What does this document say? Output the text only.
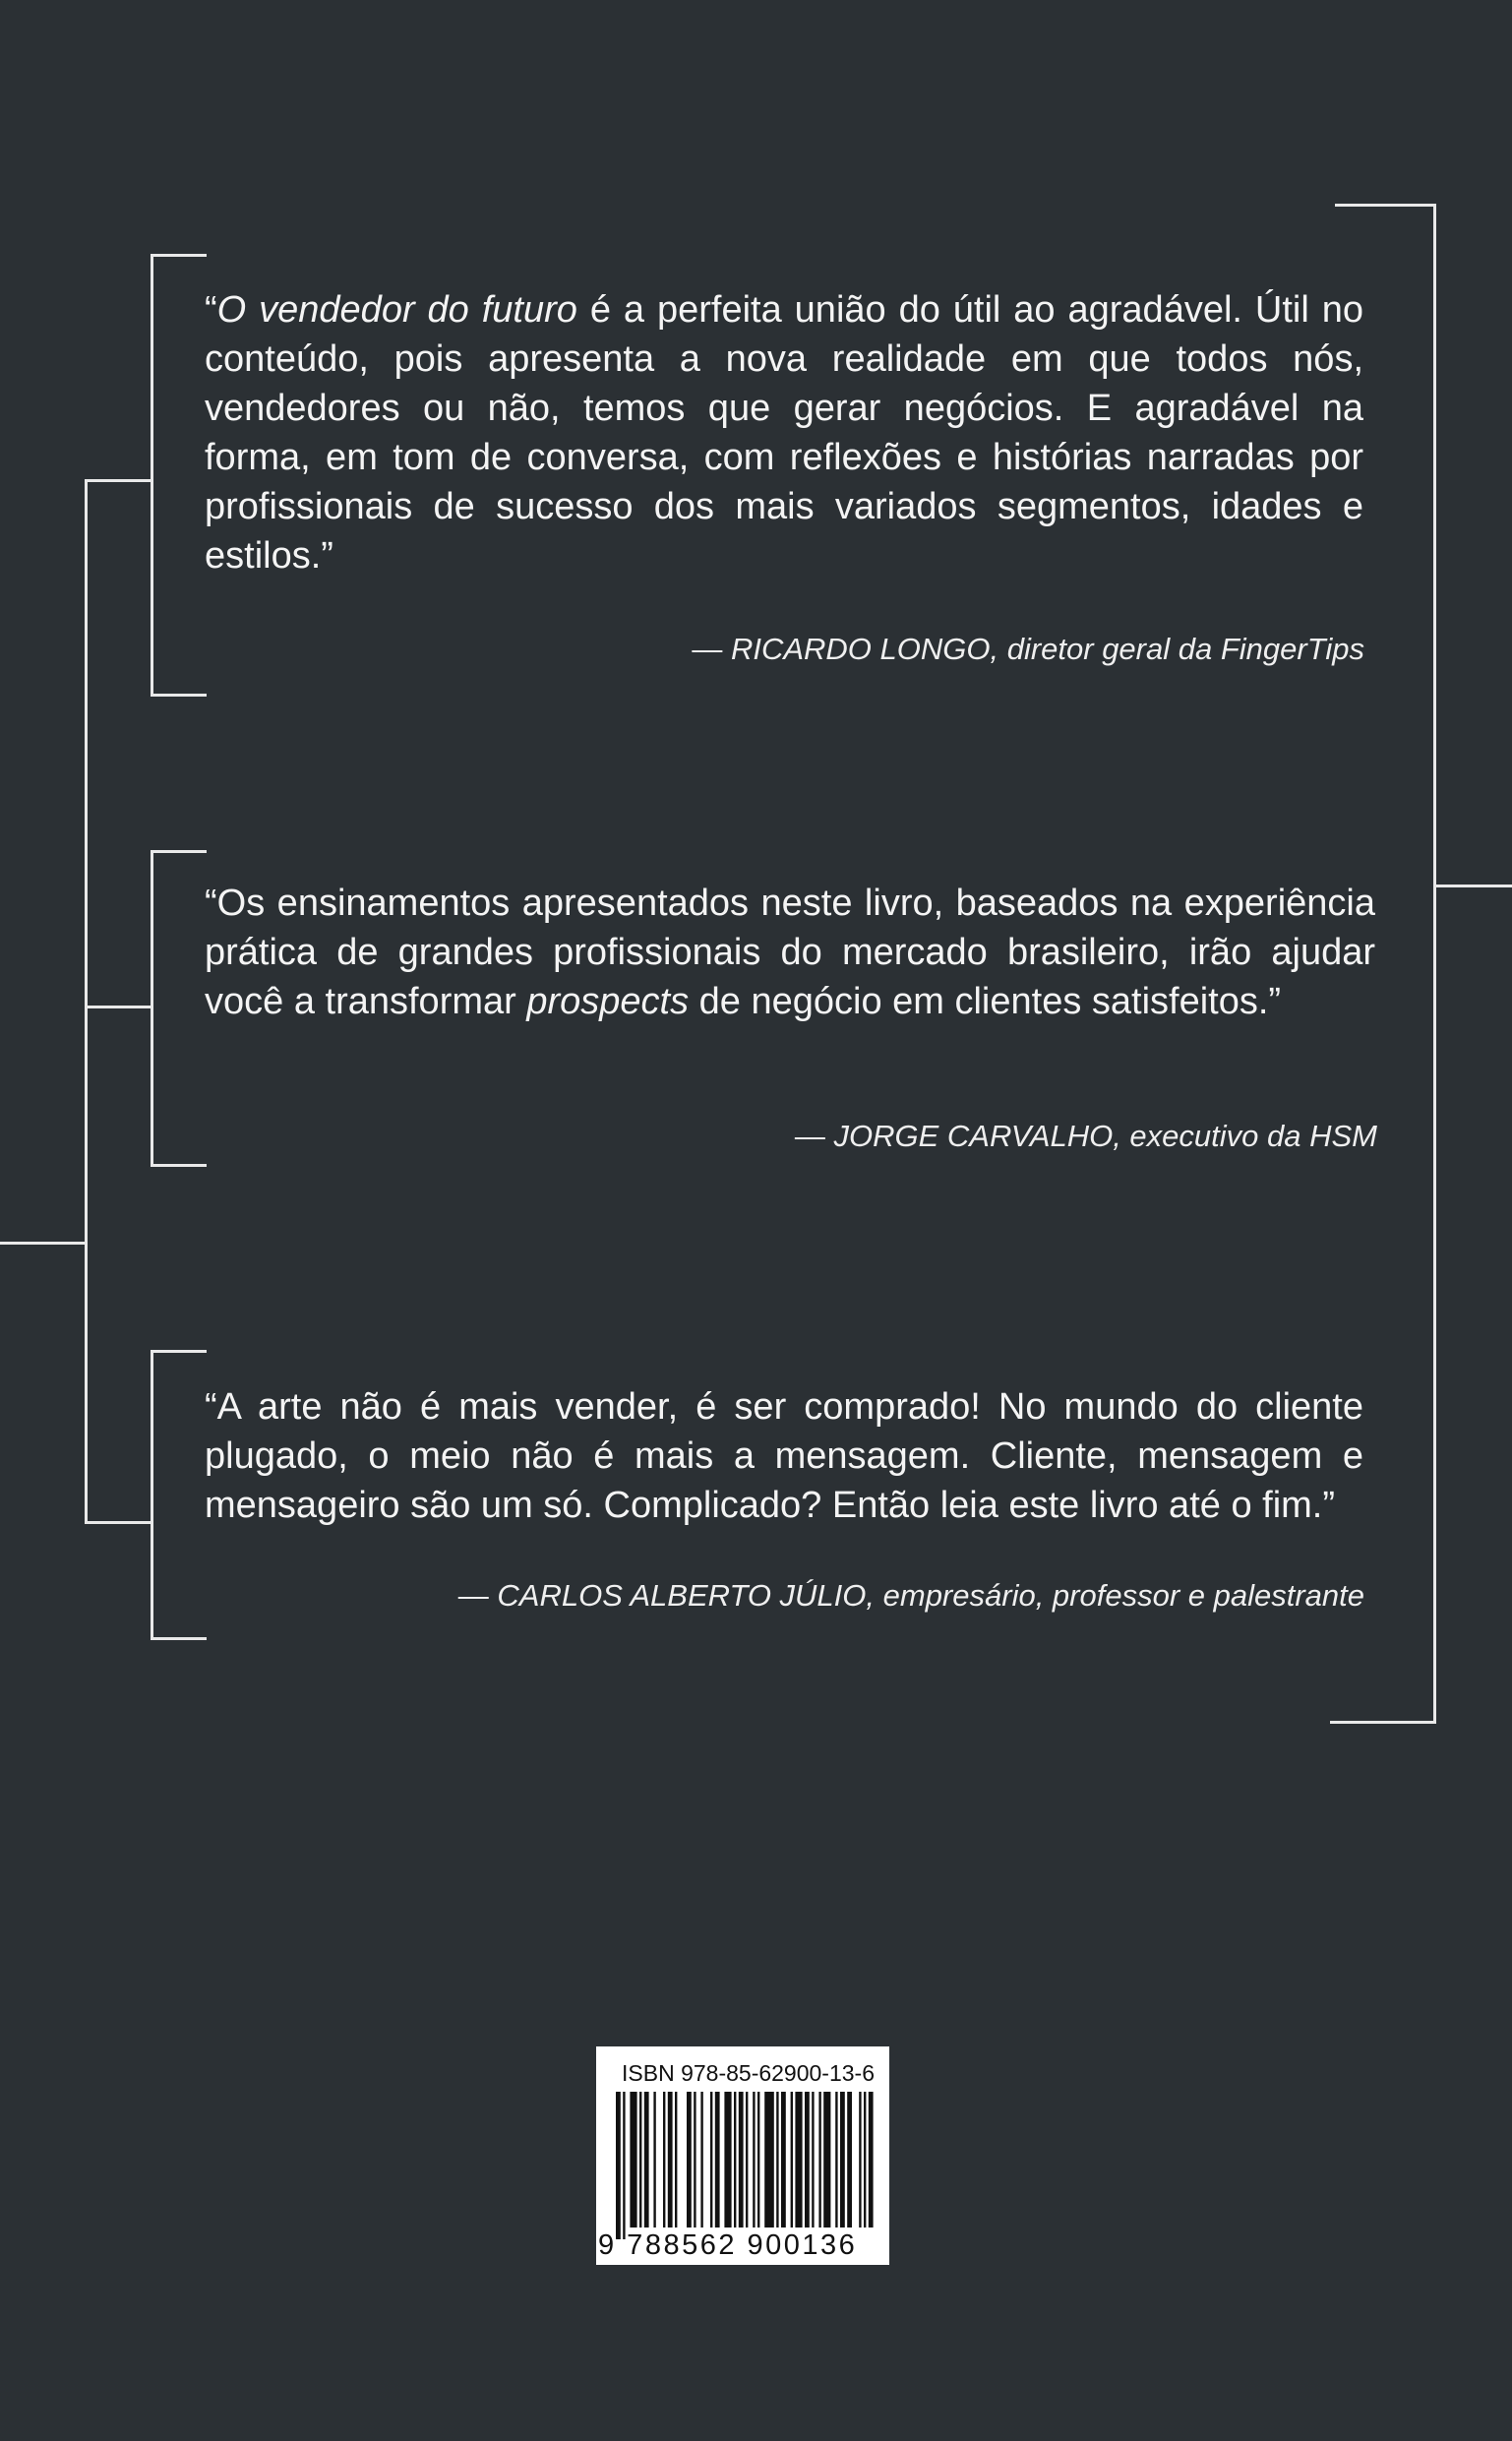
“O vendedor do futuro é a perfeita união do útil ao agradável. Útil no conteúdo, pois apresenta a nova realidade em que todos nós, vendedores ou não, temos que gerar negócios. E agradável na forma, em tom de conversa, com reflexões e histórias narradas por profissionais de sucesso dos mais variados segmentos, idades e estilos.”
— RICARDO LONGO, diretor geral da FingerTips
“Os ensinamentos apresentados neste livro, baseados na experiência prática de grandes profissionais do mercado brasileiro, irão ajudar você a transformar prospects de negócio em clientes satisfeitos.”
— JORGE CARVALHO, executivo da HSM
“A arte não é mais vender, é ser comprado! No mundo do cliente plugado, o meio não é mais a mensagem. Cliente, mensagem e mensageiro são um só. Complicado? Então leia este livro até o fim.”
— CARLOS ALBERTO JÚLIO, empresário, professor e palestrante
ISBN 978-85-62900-13-6
9 788562 900136
